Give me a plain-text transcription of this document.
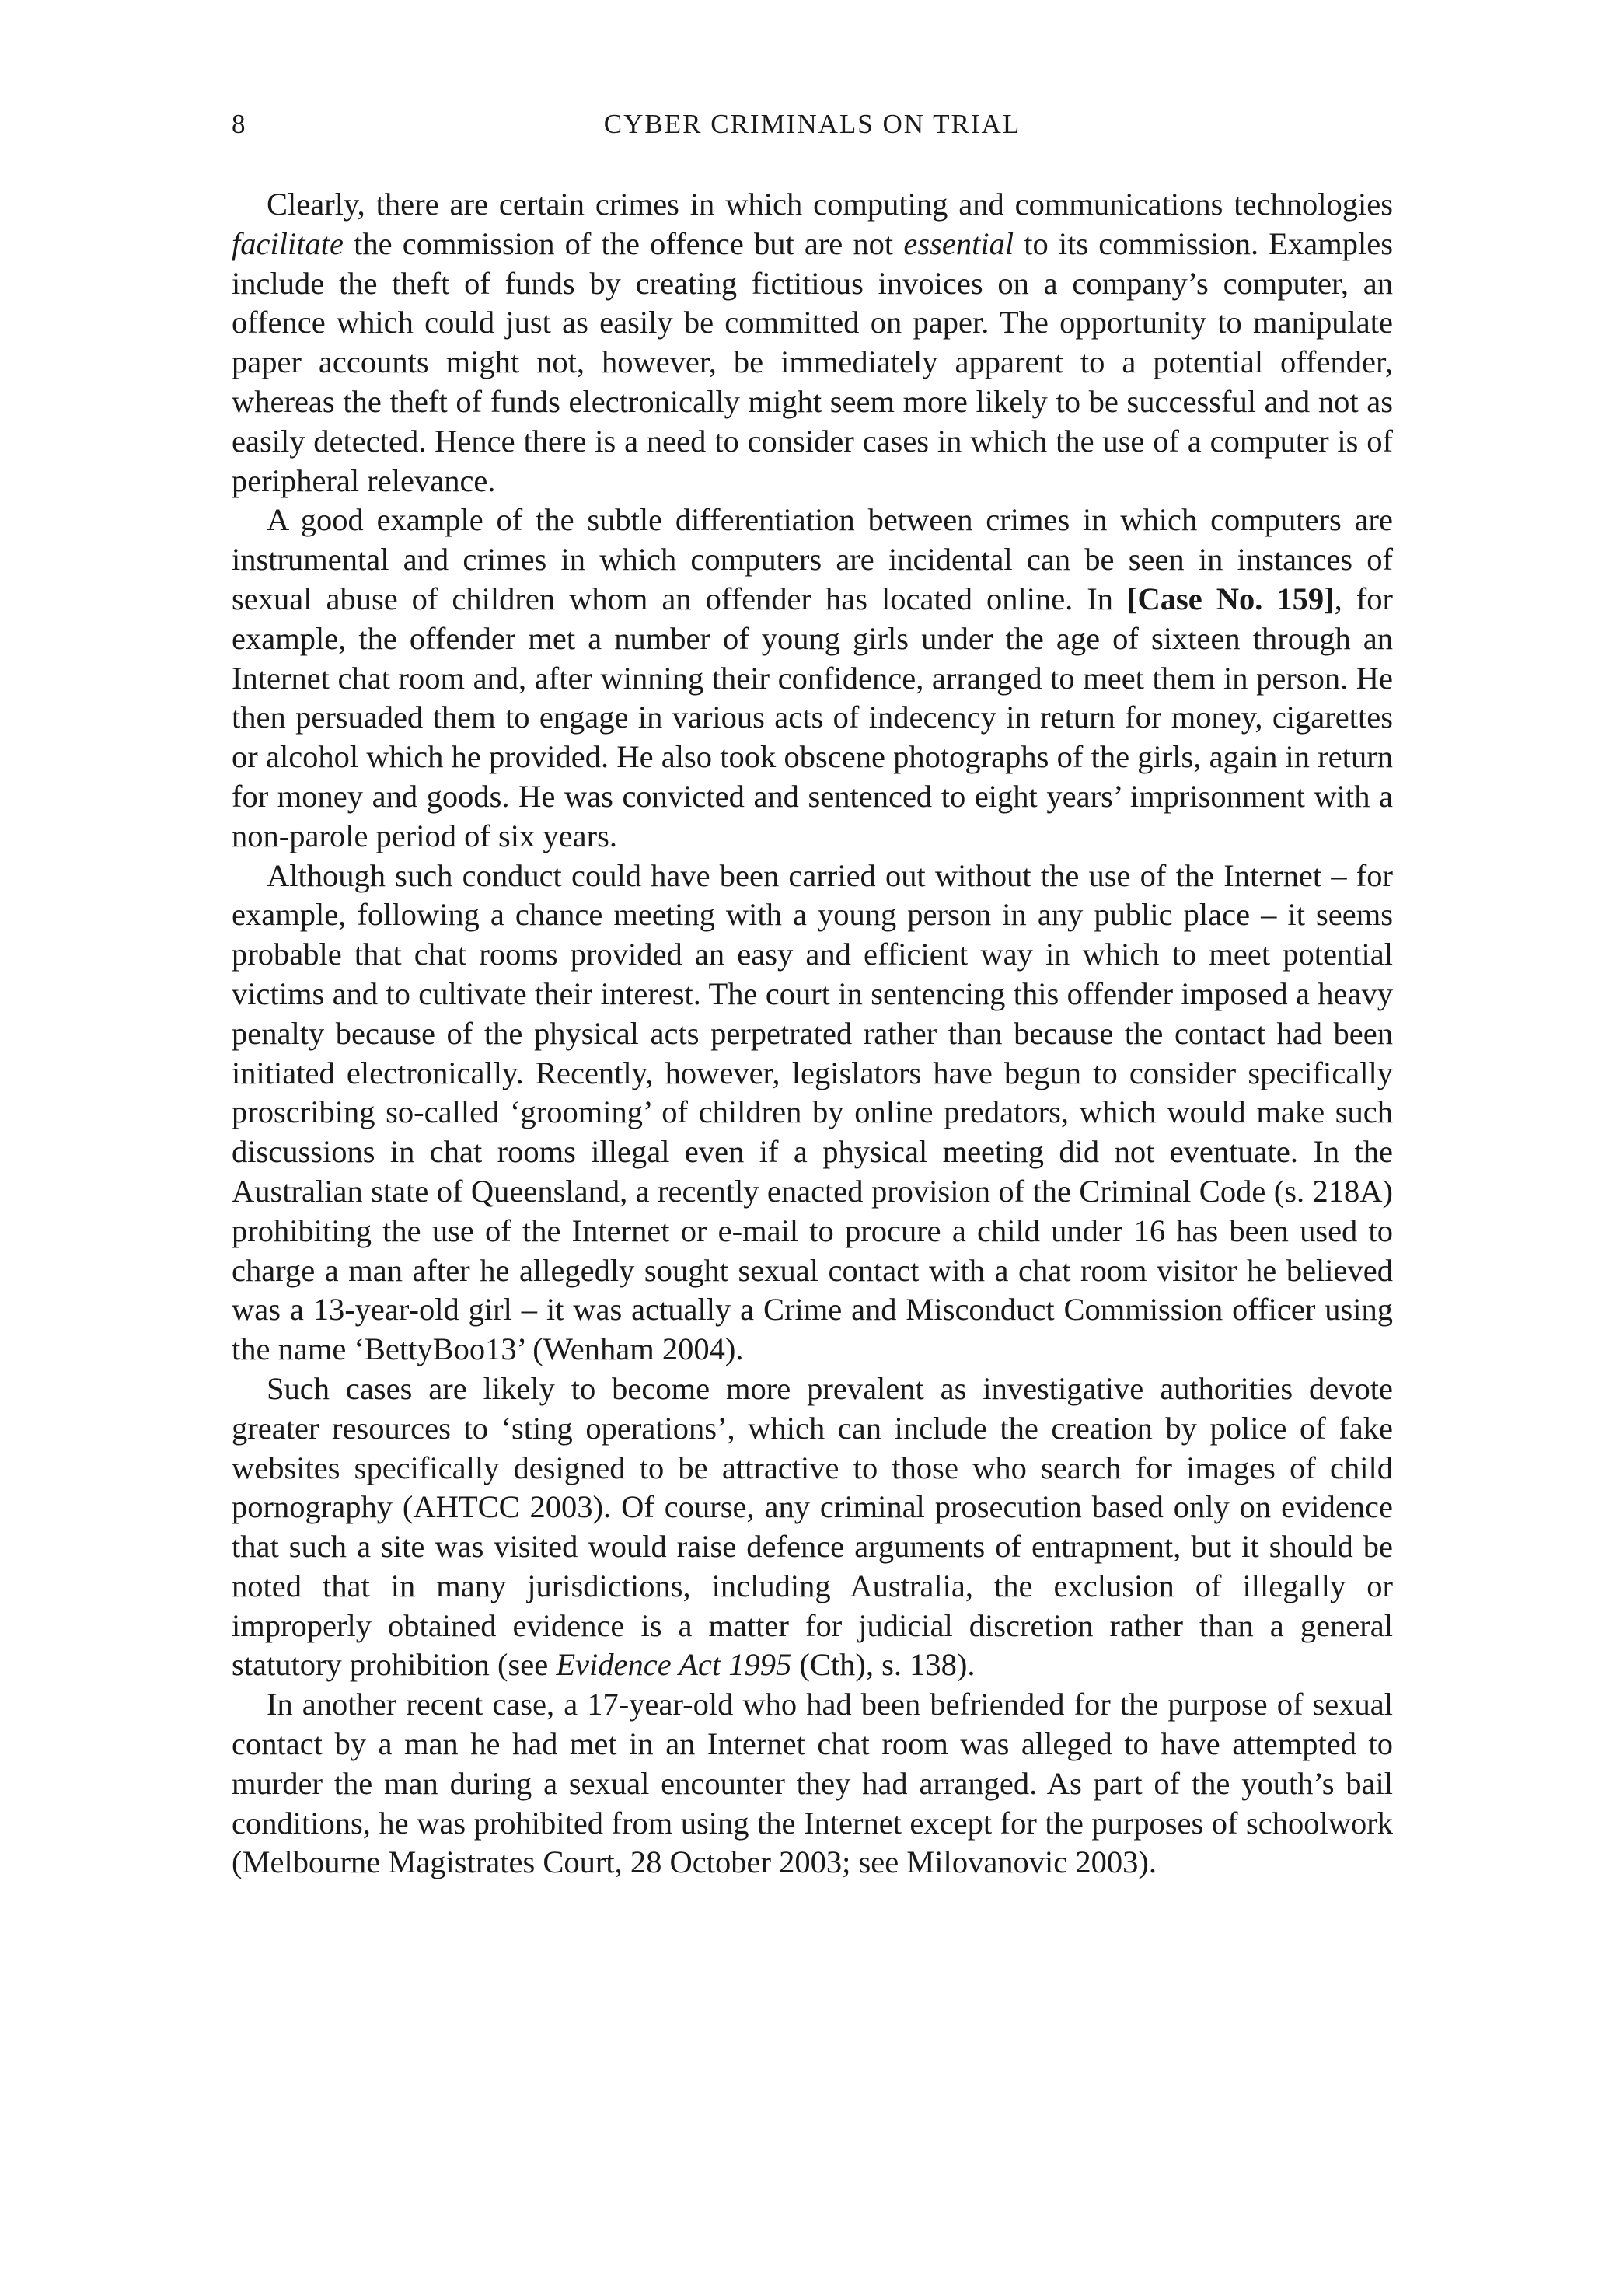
8	CYBER CRIMINALS ON TRIAL

Clearly, there are certain crimes in which computing and communications technologies facilitate the commission of the offence but are not essential to its commission. Examples include the theft of funds by creating fictitious invoices on a company’s computer, an offence which could just as easily be committed on paper. The opportunity to manipulate paper accounts might not, however, be immediately apparent to a potential offender, whereas the theft of funds electronically might seem more likely to be successful and not as easily detected. Hence there is a need to consider cases in which the use of a computer is of peripheral relevance.

A good example of the subtle differentiation between crimes in which computers are instrumental and crimes in which computers are incidental can be seen in instances of sexual abuse of children whom an offender has located online. In [Case No. 159], for example, the offender met a number of young girls under the age of sixteen through an Internet chat room and, after winning their confidence, arranged to meet them in person. He then persuaded them to engage in various acts of indecency in return for money, cigarettes or alcohol which he provided. He also took obscene photographs of the girls, again in return for money and goods. He was convicted and sentenced to eight years’ imprisonment with a non-parole period of six years.

Although such conduct could have been carried out without the use of the Internet – for example, following a chance meeting with a young person in any public place – it seems probable that chat rooms provided an easy and efficient way in which to meet potential victims and to cultivate their interest. The court in sentencing this offender imposed a heavy penalty because of the physical acts perpetrated rather than because the contact had been initiated electronically. Recently, however, legislators have begun to consider specifically proscribing so-called ‘grooming’ of children by online predators, which would make such discussions in chat rooms illegal even if a physical meeting did not eventuate. In the Australian state of Queensland, a recently enacted provision of the Criminal Code (s. 218A) prohibiting the use of the Internet or e-mail to procure a child under 16 has been used to charge a man after he allegedly sought sexual contact with a chat room visitor he believed was a 13-year-old girl – it was actually a Crime and Misconduct Commission officer using the name ‘BettyBoo13’ (Wenham 2004).

Such cases are likely to become more prevalent as investigative authorities devote greater resources to ‘sting operations’, which can include the creation by police of fake websites specifically designed to be attractive to those who search for images of child pornography (AHTCC 2003). Of course, any criminal prosecution based only on evidence that such a site was visited would raise defence arguments of entrapment, but it should be noted that in many jurisdictions, including Australia, the exclusion of illegally or improperly obtained evidence is a matter for judicial discretion rather than a general statutory prohibition (see Evidence Act 1995 (Cth), s. 138).

In another recent case, a 17-year-old who had been befriended for the purpose of sexual contact by a man he had met in an Internet chat room was alleged to have attempted to murder the man during a sexual encounter they had arranged. As part of the youth’s bail conditions, he was prohibited from using the Internet except for the purposes of schoolwork (Melbourne Magistrates Court, 28 October 2003; see Milovanovic 2003).
